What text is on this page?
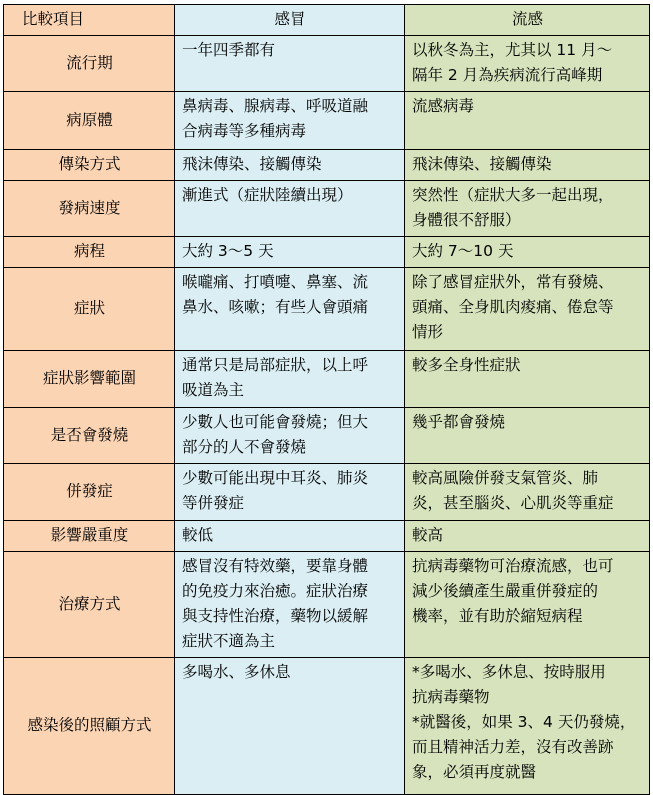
比較項目	感冒	流感
流行期	一年四季都有	以秋冬為主，尤其以 11 月～
隔年 2 月為疾病流行高峰期

病原體	鼻病毒、腺病毒、呼吸道融
合病毒等多種病毒	流感病毒

傳染方式	飛沫傳染、接觸傳染	飛沫傳染、接觸傳染

發病速度	漸進式（症狀陸續出現）	突然性（症狀大多一起出現，
身體很不舒服）

病程	大約 3～5 天	大約 7～10 天

症狀	喉嚨痛、打噴嚏、鼻塞、流
鼻水、咳嗽；有些人會頭痛	除了感冒症狀外，常有發燒、
頭痛、全身肌肉痠痛、倦怠等
情形

症狀影響範圍	通常只是局部症狀，以上呼
吸道為主	較多全身性症狀

是否會發燒	少數人也可能會發燒；但大
部分的人不會發燒	幾乎都會發燒

併發症	少數可能出現中耳炎、肺炎
等併發症	較高風險併發支氣管炎、肺
炎，甚至腦炎、心肌炎等重症

影響嚴重度	較低	較高

治療方式	感冒沒有特效藥，要靠身體
的免疫力來治癒。症狀治療
與支持性治療，藥物以緩解
症狀不適為主	抗病毒藥物可治療流感，也可
減少後續產生嚴重併發症的
機率，並有助於縮短病程

感染後的照顧方式	多喝水、多休息	*多喝水、多休息、按時服用
抗病毒藥物
*就醫後，如果 3、4 天仍發燒，
而且精神活力差，沒有改善跡
象，必須再度就醫
